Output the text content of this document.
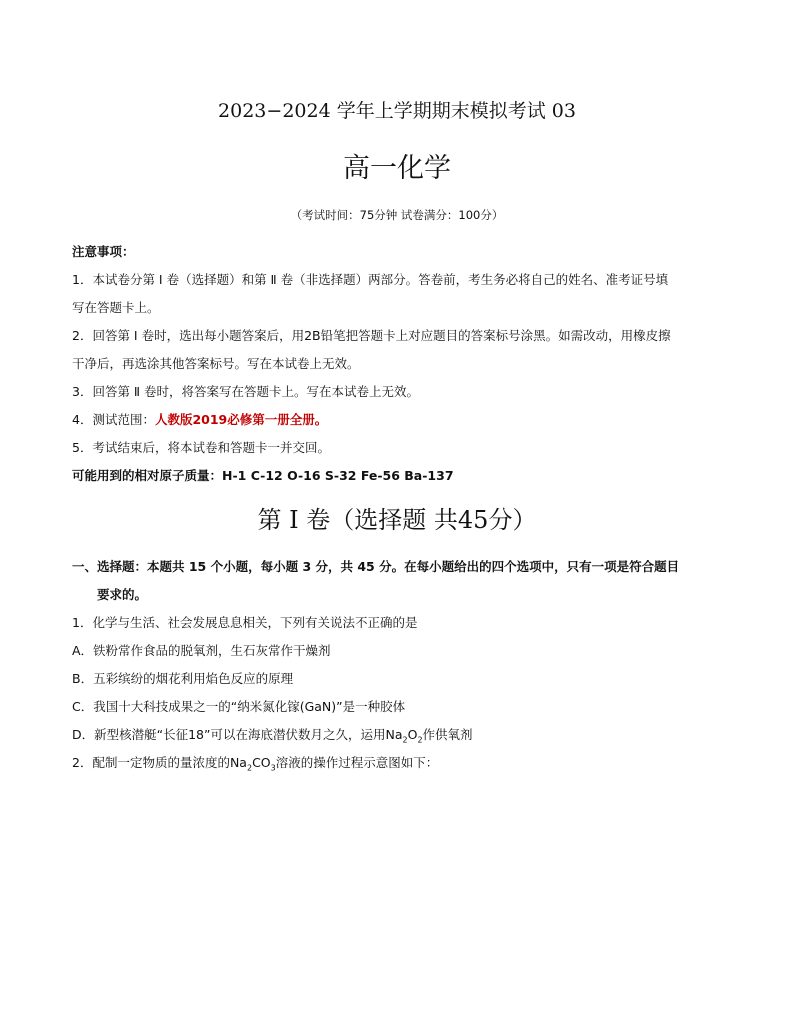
2023−2024 学年上学期期末模拟考试 03
高一化学
（考试时间：75分钟 试卷满分：100分）

注意事项：

1．本试卷分第 Ⅰ 卷（选择题）和第 Ⅱ 卷（非选择题）两部分。答卷前，考生务必将自己的姓名、准考证号填

写在答题卡上。

2．回答第 Ⅰ 卷时，选出每小题答案后，用2B铅笔把答题卡上对应题目的答案标号涂黑。如需改动，用橡皮擦

干净后，再选涂其他答案标号。写在本试卷上无效。

3．回答第 Ⅱ 卷时，将答案写在答题卡上。写在本试卷上无效。

4．测试范围：人教版2019必修第一册全册。

5．考试结束后，将本试卷和答题卡一并交回。

可能用到的相对原子质量：H-1 C-12 O-16 S-32 Fe-56 Ba-137

第 Ⅰ 卷（选择题 共45分）

一、选择题：本题共 15 个小题，每小题 3 分，共 45 分。在每小题给出的四个选项中，只有一项是符合题目

要求的。

1．化学与生活、社会发展息息相关，下列有关说法不正确的是

A．铁粉常作食品的脱氧剂，生石灰常作干燥剂

B．五彩缤纷的烟花利用焰色反应的原理

C．我国十大科技成果之一的“纳米氮化镓(GaN)”是一种胶体

D．新型核潜艇“长征18”可以在海底潜伏数月之久，运用$Na_2O_2$作供氧剂

2．配制一定物质的量浓度的$Na_2CO_3$溶液的操作过程示意图如下：
